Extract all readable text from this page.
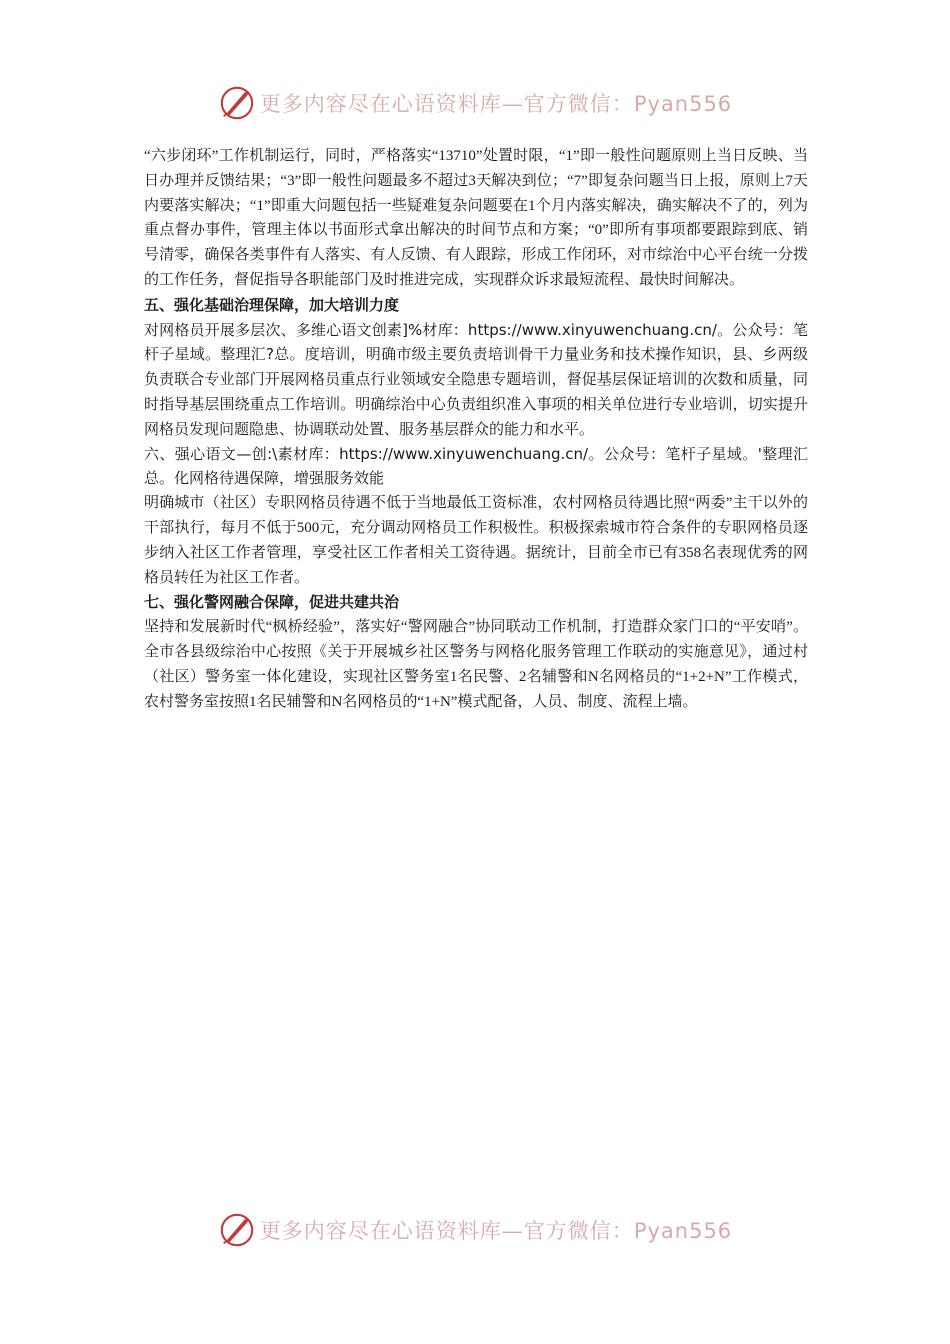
更多内容尽在心语资料库—官方微信：Pyan556

“六步闭环”工作机制运行，同时，严格落实“13710”处置时限，“1”即一般性问题原则上当日反映、当日办理并反馈结果；“3”即一般性问题最多不超过3天解决到位；“7”即复杂问题当日上报，原则上7天内要落实解决；“1”即重大问题包括一些疑难复杂问题要在1个月内落实解决，确实解决不了的，列为重点督办事件，管理主体以书面形式拿出解决的时间节点和方案；“0”即所有事项都要跟踪到底、销号清零，确保各类事件有人落实、有人反馈、有人跟踪，形成工作闭环，对市综治中心平台统一分拨的工作任务，督促指导各职能部门及时推进完成，实现群众诉求最短流程、最快时间解决。

五、强化基础治理保障，加大培训力度

对网格员开展多层次、多维心语文创素]%材库：https://www.xinyuwenchuang.cn/。公众号：笔杆子星域。整理汇?总。度培训，明确市级主要负责培训骨干力量业务和技术操作知识，县、乡两级负责联合专业部门开展网格员重点行业领域安全隐患专题培训，督促基层保证培训的次数和质量，同时指导基层围绕重点工作培训。明确综治中心负责组织准入事项的相关单位进行专业培训，切实提升网格员发现问题隐患、协调联动处置、服务基层群众的能力和水平。

六、强心语文—创:\素材库：https://www.xinyuwenchuang.cn/。公众号：笔杆子星域。'整理汇总。化网格待遇保障，增强服务效能

明确城市（社区）专职网格员待遇不低于当地最低工资标准，农村网格员待遇比照“两委”主干以外的干部执行，每月不低于500元，充分调动网格员工作积极性。积极探索城市符合条件的专职网格员逐步纳入社区工作者管理，享受社区工作者相关工资待遇。据统计，目前全市已有358名表现优秀的网格员转任为社区工作者。

七、强化警网融合保障，促进共建共治

坚持和发展新时代“枫桥经验”，落实好“警网融合”协同联动工作机制，打造群众家门口的“平安哨”。全市各县级综治中心按照《关于开展城乡社区警务与网格化服务管理工作联动的实施意见》，通过村（社区）警务室一体化建设，实现社区警务室1名民警、2名辅警和N名网格员的“1+2+N”工作模式，农村警务室按照1名民辅警和N名网格员的“1+N”模式配备，人员、制度、流程上墙。

更多内容尽在心语资料库—官方微信：Pyan556
